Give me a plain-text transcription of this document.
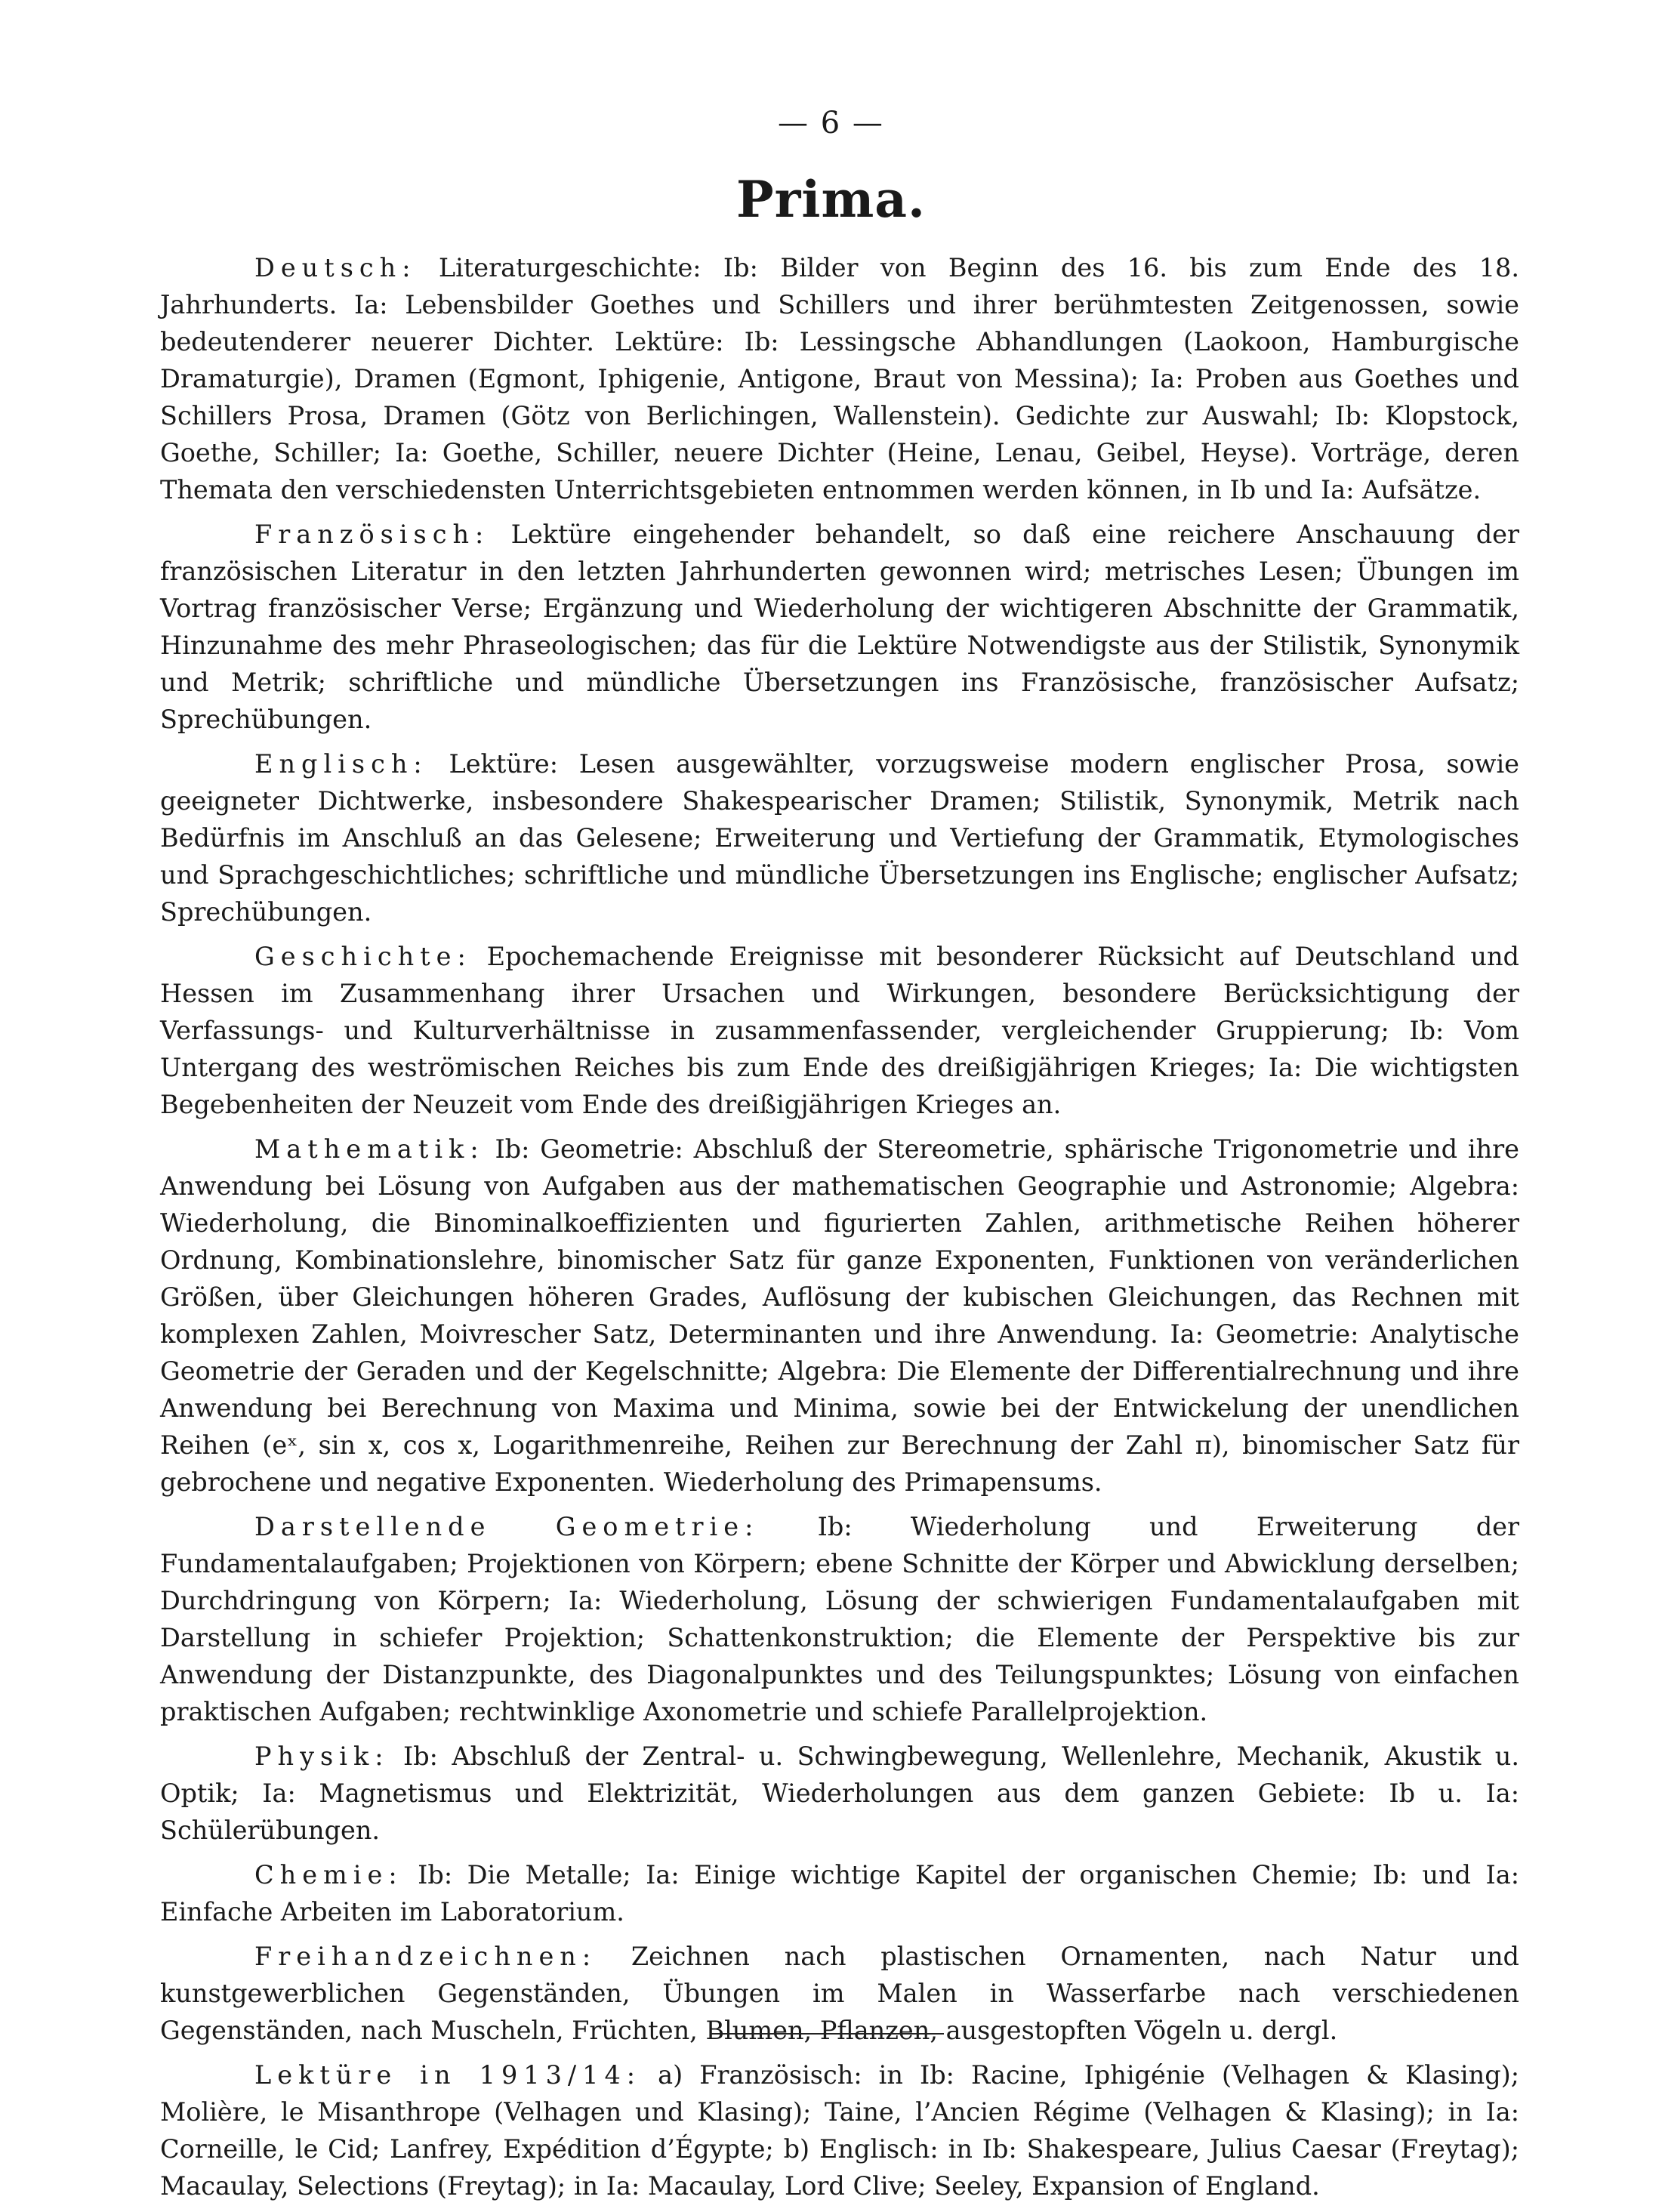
— 6 —
Prima.

Deutsch: Literaturgeschichte: Ib: Bilder von Beginn des 16. bis zum Ende des 18. Jahrhunderts. Ia: Lebensbilder Goethes und Schillers und ihrer berühmtesten Zeitgenossen, sowie bedeutenderer neuerer Dichter. Lektüre: Ib: Lessingsche Abhandlungen (Laokoon, Hamburgische Dramaturgie), Dramen (Egmont, Iphigenie, Antigone, Braut von Messina); Ia: Proben aus Goethes und Schillers Prosa, Dramen (Götz von Berlichingen, Wallenstein). Gedichte zur Auswahl; Ib: Klopstock, Goethe, Schiller; Ia: Goethe, Schiller, neuere Dichter (Heine, Lenau, Geibel, Heyse). Vorträge, deren Themata den verschiedensten Unterrichtsgebieten entnommen werden können, in Ib und Ia: Aufsätze.

Französisch: Lektüre eingehender behandelt, so daß eine reichere Anschauung der französischen Literatur in den letzten Jahrhunderten gewonnen wird; metrisches Lesen; Übungen im Vortrag französischer Verse; Ergänzung und Wiederholung der wichtigeren Abschnitte der Grammatik, Hinzunahme des mehr Phraseologischen; das für die Lektüre Notwendigste aus der Stilistik, Synonymik und Metrik; schriftliche und mündliche Übersetzungen ins Französische, französischer Aufsatz; Sprechübungen.

Englisch: Lektüre: Lesen ausgewählter, vorzugsweise modern englischer Prosa, sowie geeigneter Dichtwerke, insbesondere Shakespearischer Dramen; Stilistik, Synonymik, Metrik nach Bedürfnis im Anschluß an das Gelesene; Erweiterung und Vertiefung der Grammatik, Etymologisches und Sprachgeschichtliches; schriftliche und mündliche Übersetzungen ins Englische; englischer Aufsatz; Sprechübungen.

Geschichte: Epochemachende Ereignisse mit besonderer Rücksicht auf Deutschland und Hessen im Zusammenhang ihrer Ursachen und Wirkungen, besondere Berücksichtigung der Verfassungs- und Kulturverhältnisse in zusammenfassender, vergleichender Gruppierung; Ib: Vom Untergang des weströmischen Reiches bis zum Ende des dreißigjährigen Krieges; Ia: Die wichtigsten Begebenheiten der Neuzeit vom Ende des dreißigjährigen Krieges an.

Mathematik: Ib: Geometrie: Abschluß der Stereometrie, sphärische Trigonometrie und ihre Anwendung bei Lösung von Aufgaben aus der mathematischen Geographie und Astronomie; Algebra: Wiederholung, die Binominalkoeffizienten und figurierten Zahlen, arithmetische Reihen höherer Ordnung, Kombinationslehre, binomischer Satz für ganze Exponenten, Funktionen von veränderlichen Größen, über Gleichungen höheren Grades, Auflösung der kubischen Gleichungen, das Rechnen mit komplexen Zahlen, Moivrescher Satz, Determinanten und ihre Anwendung. Ia: Geometrie: Analytische Geometrie der Geraden und der Kegelschnitte; Algebra: Die Elemente der Differentialrechnung und ihre Anwendung bei Berechnung von Maxima und Minima, sowie bei der Entwickelung der unendlichen Reihen (eˣ, sin x, cos x, Logarithmenreihe, Reihen zur Berechnung der Zahl π), binomischer Satz für gebrochene und negative Exponenten. Wiederholung des Primapensums.

Darstellende Geometrie: Ib: Wiederholung und Erweiterung der Fundamentalaufgaben; Projektionen von Körpern; ebene Schnitte der Körper und Abwicklung derselben; Durchdringung von Körpern; Ia: Wiederholung, Lösung der schwierigen Fundamentalaufgaben mit Darstellung in schiefer Projektion; Schattenkonstruktion; die Elemente der Perspektive bis zur Anwendung der Distanzpunkte, des Diagonalpunktes und des Teilungspunktes; Lösung von einfachen praktischen Aufgaben; rechtwinklige Axonometrie und schiefe Parallelprojektion.

Physik: Ib: Abschluß der Zentral- u. Schwingbewegung, Wellenlehre, Mechanik, Akustik u. Optik; Ia: Magnetismus und Elektrizität, Wiederholungen aus dem ganzen Gebiete: Ib u. Ia: Schülerübungen.

Chemie: Ib: Die Metalle; Ia: Einige wichtige Kapitel der organischen Chemie; Ib: und Ia: Einfache Arbeiten im Laboratorium.

Freihandzeichnen: Zeichnen nach plastischen Ornamenten, nach Natur und kunstgewerblichen Gegenständen, Übungen im Malen in Wasserfarbe nach verschiedenen Gegenständen, nach Muscheln, Früchten, Blumen, Pflanzen, ausgestopften Vögeln u. dergl.

Lektüre in 1913/14: a) Französisch: in Ib: Racine, Iphigénie (Velhagen & Klasing); Molière, le Misanthrope (Velhagen und Klasing); Taine, l’Ancien Régime (Velhagen & Klasing); in Ia: Corneille, le Cid; Lanfrey, Expédition d’Égypte; b) Englisch: in Ib: Shakespeare, Julius Caesar (Freytag); Macaulay, Selections (Freytag); in Ia: Macaulay, Lord Clive; Seeley, Expansion of England.
